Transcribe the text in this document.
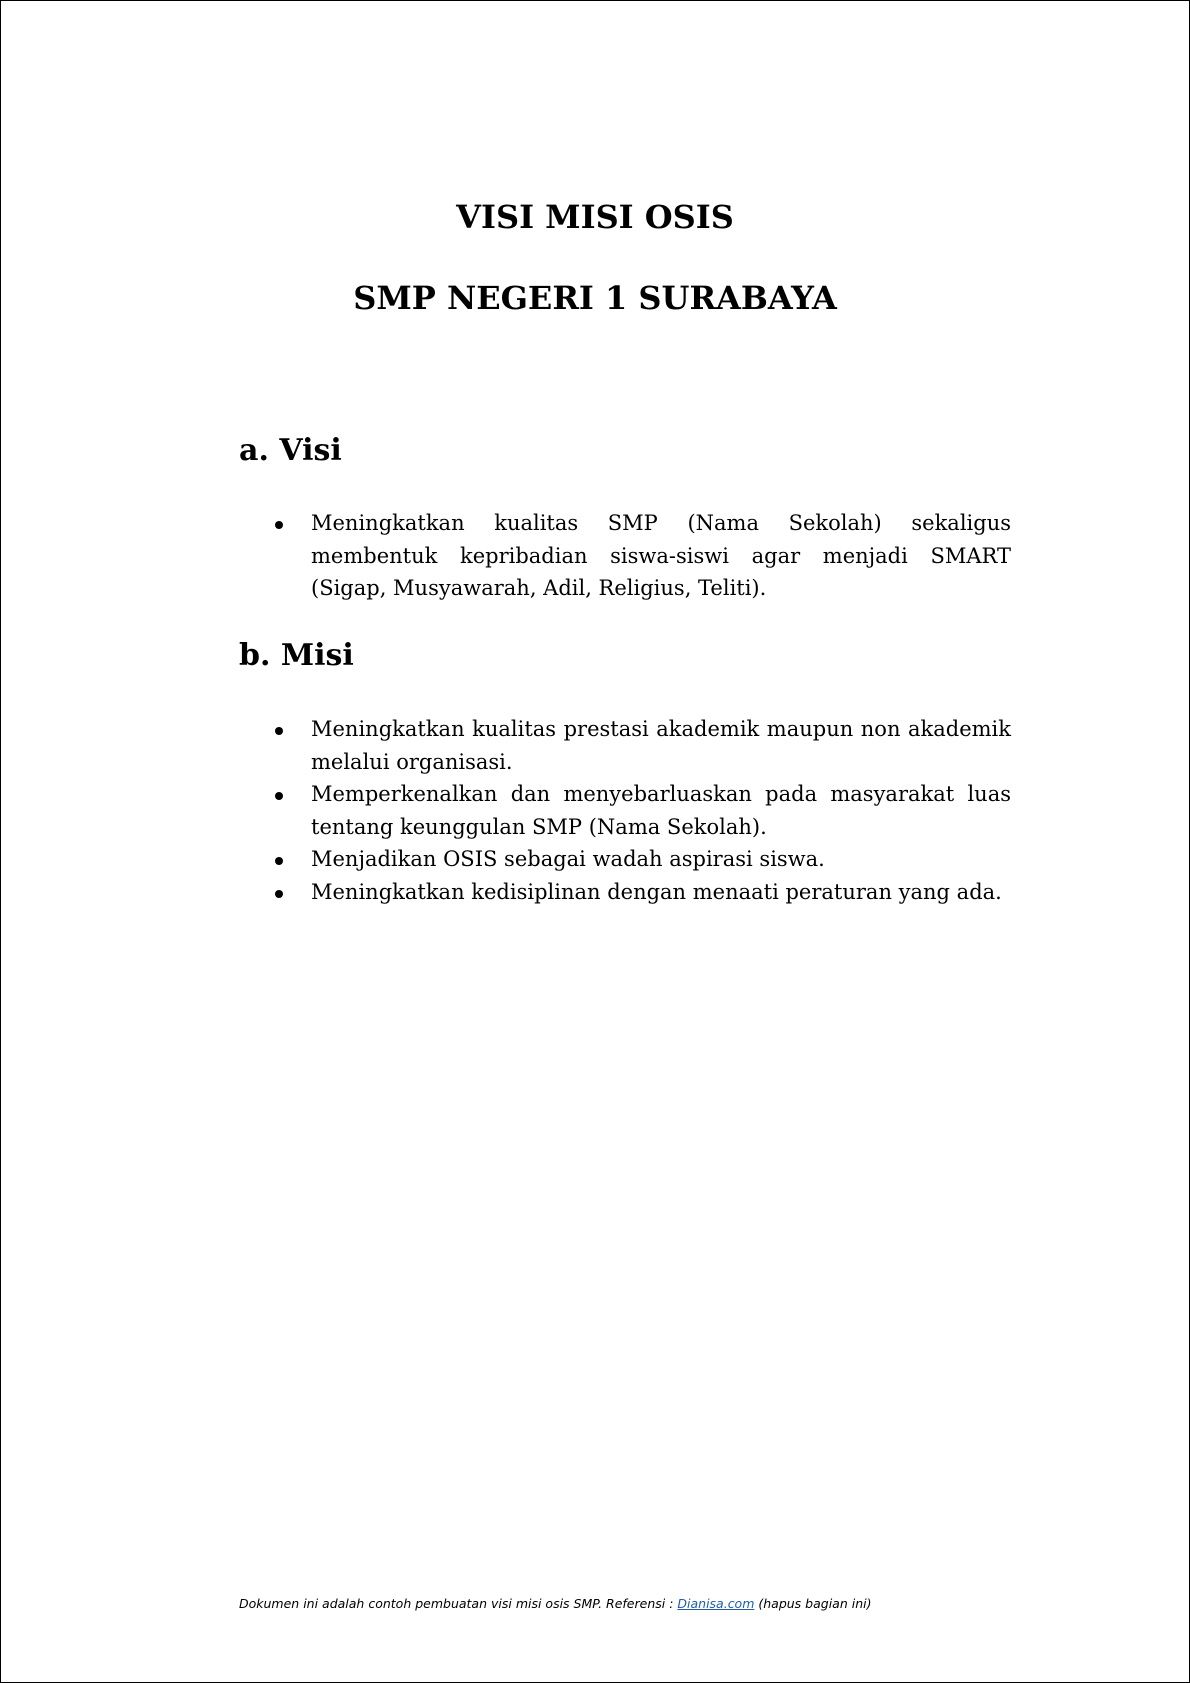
VISI MISI OSIS
SMP NEGERI 1 SURABAYA
a. Visi
Meningkatkan kualitas SMP (Nama Sekolah) sekaligus membentuk kepribadian siswa-siswi agar menjadi SMART (Sigap, Musyawarah, Adil, Religius, Teliti).
b. Misi
Meningkatkan kualitas prestasi akademik maupun non akademik melalui organisasi.
Memperkenalkan dan menyebarluaskan pada masyarakat luas tentang keunggulan SMP (Nama Sekolah).
Menjadikan OSIS sebagai wadah aspirasi siswa.
Meningkatkan kedisiplinan dengan menaati peraturan yang ada.
Dokumen ini adalah contoh pembuatan visi misi osis SMP. Referensi : Dianisa.com (hapus bagian ini)
